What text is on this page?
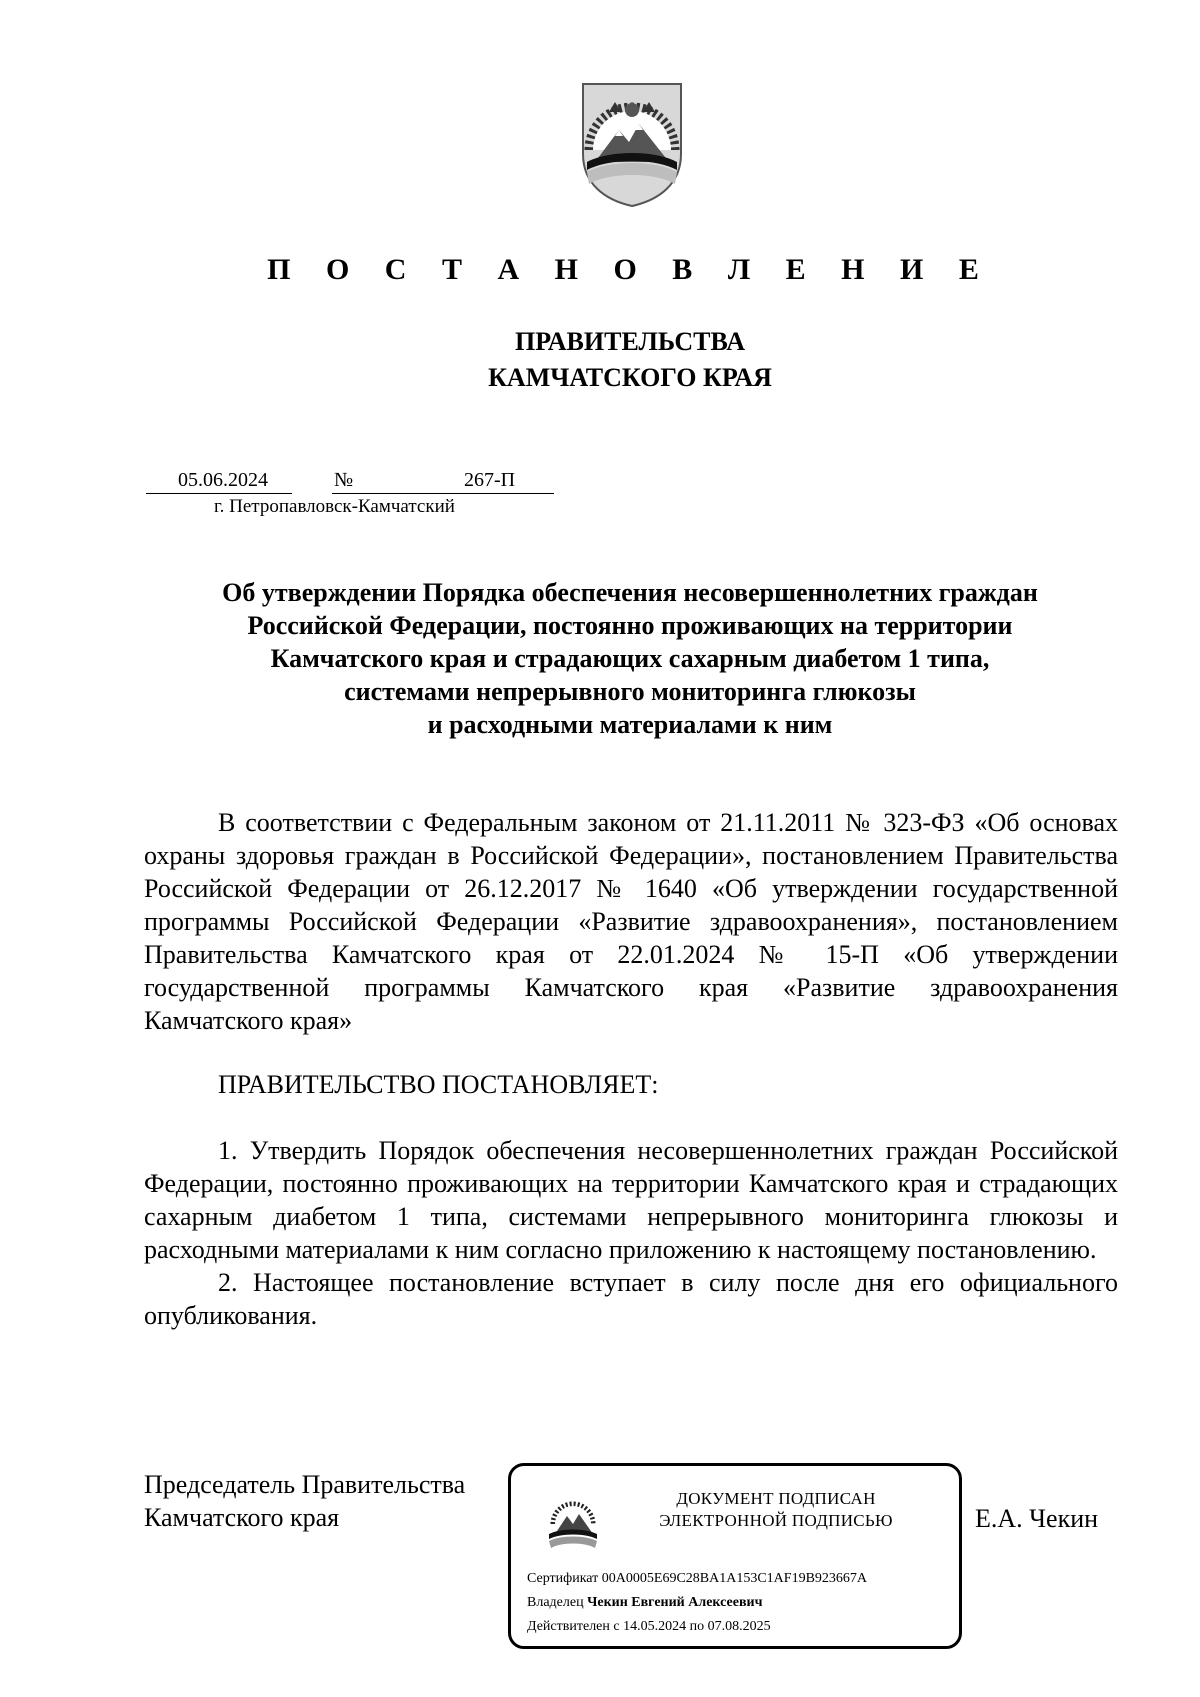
П О С Т А Н О В Л Е Н И Е
ПРАВИТЕЛЬСТВА
КАМЧАТСКОГО КРАЯ
05.06.2024	№	267-П
г. Петропавловск-Камчатский
Об утверждении Порядка обеспечения несовершеннолетних граждан
Российской Федерации, постоянно проживающих на территории
Камчатского края и страдающих сахарным диабетом 1 типа,
системами непрерывного мониторинга глюкозы
и расходными материалами к ним

В соответствии с Федеральным законом от 21.11.2011 № 323-ФЗ «Об основах охраны здоровья граждан в Российской Федерации», постановлением Правительства Российской Федерации от 26.12.2017 № 1640 «Об утверждении государственной программы Российской Федерации «Развитие здравоохранения», постановлением Правительства Камчатского края от 22.01.2024 № 15-П «Об утверждении государственной программы Камчатского края «Развитие здравоохранения Камчатского края»

ПРАВИТЕЛЬСТВО ПОСТАНОВЛЯЕТ:

1. Утвердить Порядок обеспечения несовершеннолетних граждан Российской Федерации, постоянно проживающих на территории Камчатского края и страдающих сахарным диабетом 1 типа, системами непрерывного мониторинга глюкозы и расходными материалами к ним согласно приложению к настоящему постановлению.

2. Настоящее постановление вступает в силу после дня его официального опубликования.

Председатель Правительства
Камчатского края
ДОКУМЕНТ ПОДПИСАН
ЭЛЕКТРОННОЙ ПОДПИСЬЮ
Сертификат 00A0005E69C28BA1A153C1AF19B923667A
Владелец Чекин Евгений Алексеевич
Действителен с 14.05.2024 по 07.08.2025
Е.А. Чекин
